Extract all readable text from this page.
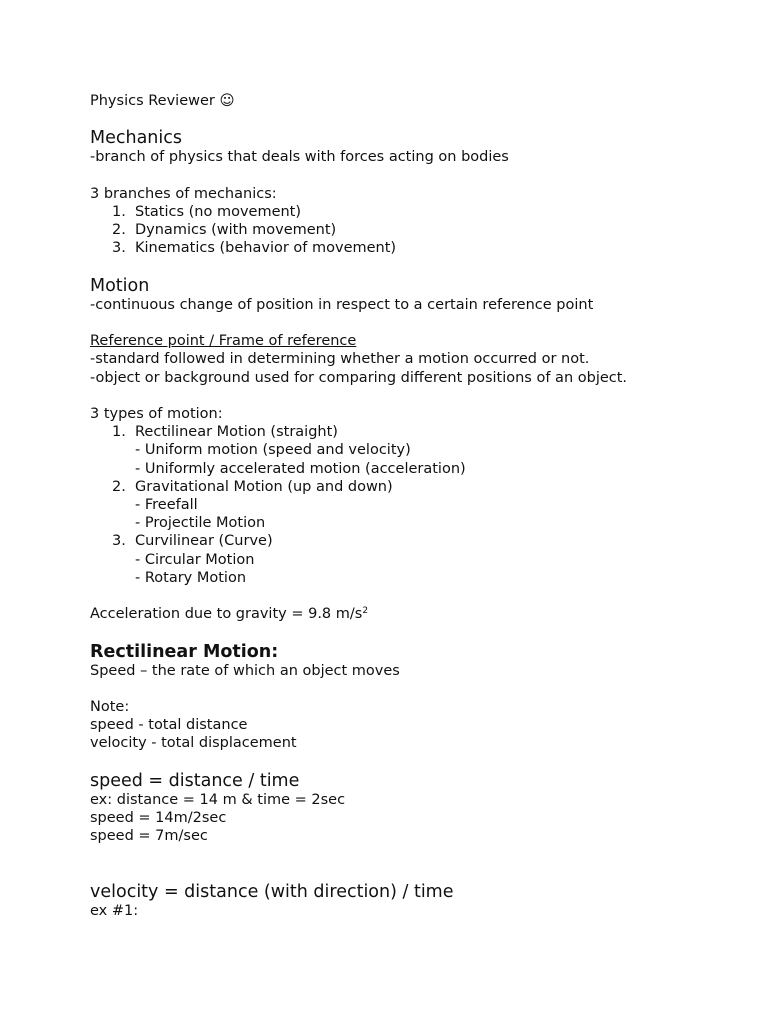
Physics Reviewer ☺
Mechanics
-branch of physics that deals with forces acting on bodies
3 branches of mechanics:
1. Statics (no movement)
2. Dynamics (with movement)
3. Kinematics (behavior of movement)
Motion
-continuous change of position in respect to a certain reference point
Reference point / Frame of reference
-standard followed in determining whether a motion occurred or not.
-object or background used for comparing different positions of an object.
3 types of motion:
1. Rectilinear Motion (straight)
- Uniform motion (speed and velocity)
- Uniformly accelerated motion (acceleration)
2. Gravitational Motion (up and down)
- Freefall
- Projectile Motion
3. Curvilinear (Curve)
- Circular Motion
- Rotary Motion
Acceleration due to gravity = 9.8 $m/s^2$
Rectilinear Motion:
Speed – the rate of which an object moves
Note:
speed - total distance
velocity - total displacement
speed = distance / time
ex: distance = 14 m & time = 2sec
speed = 14m/2sec
speed = 7m/sec
velocity = distance (with direction) / time
ex #1:
